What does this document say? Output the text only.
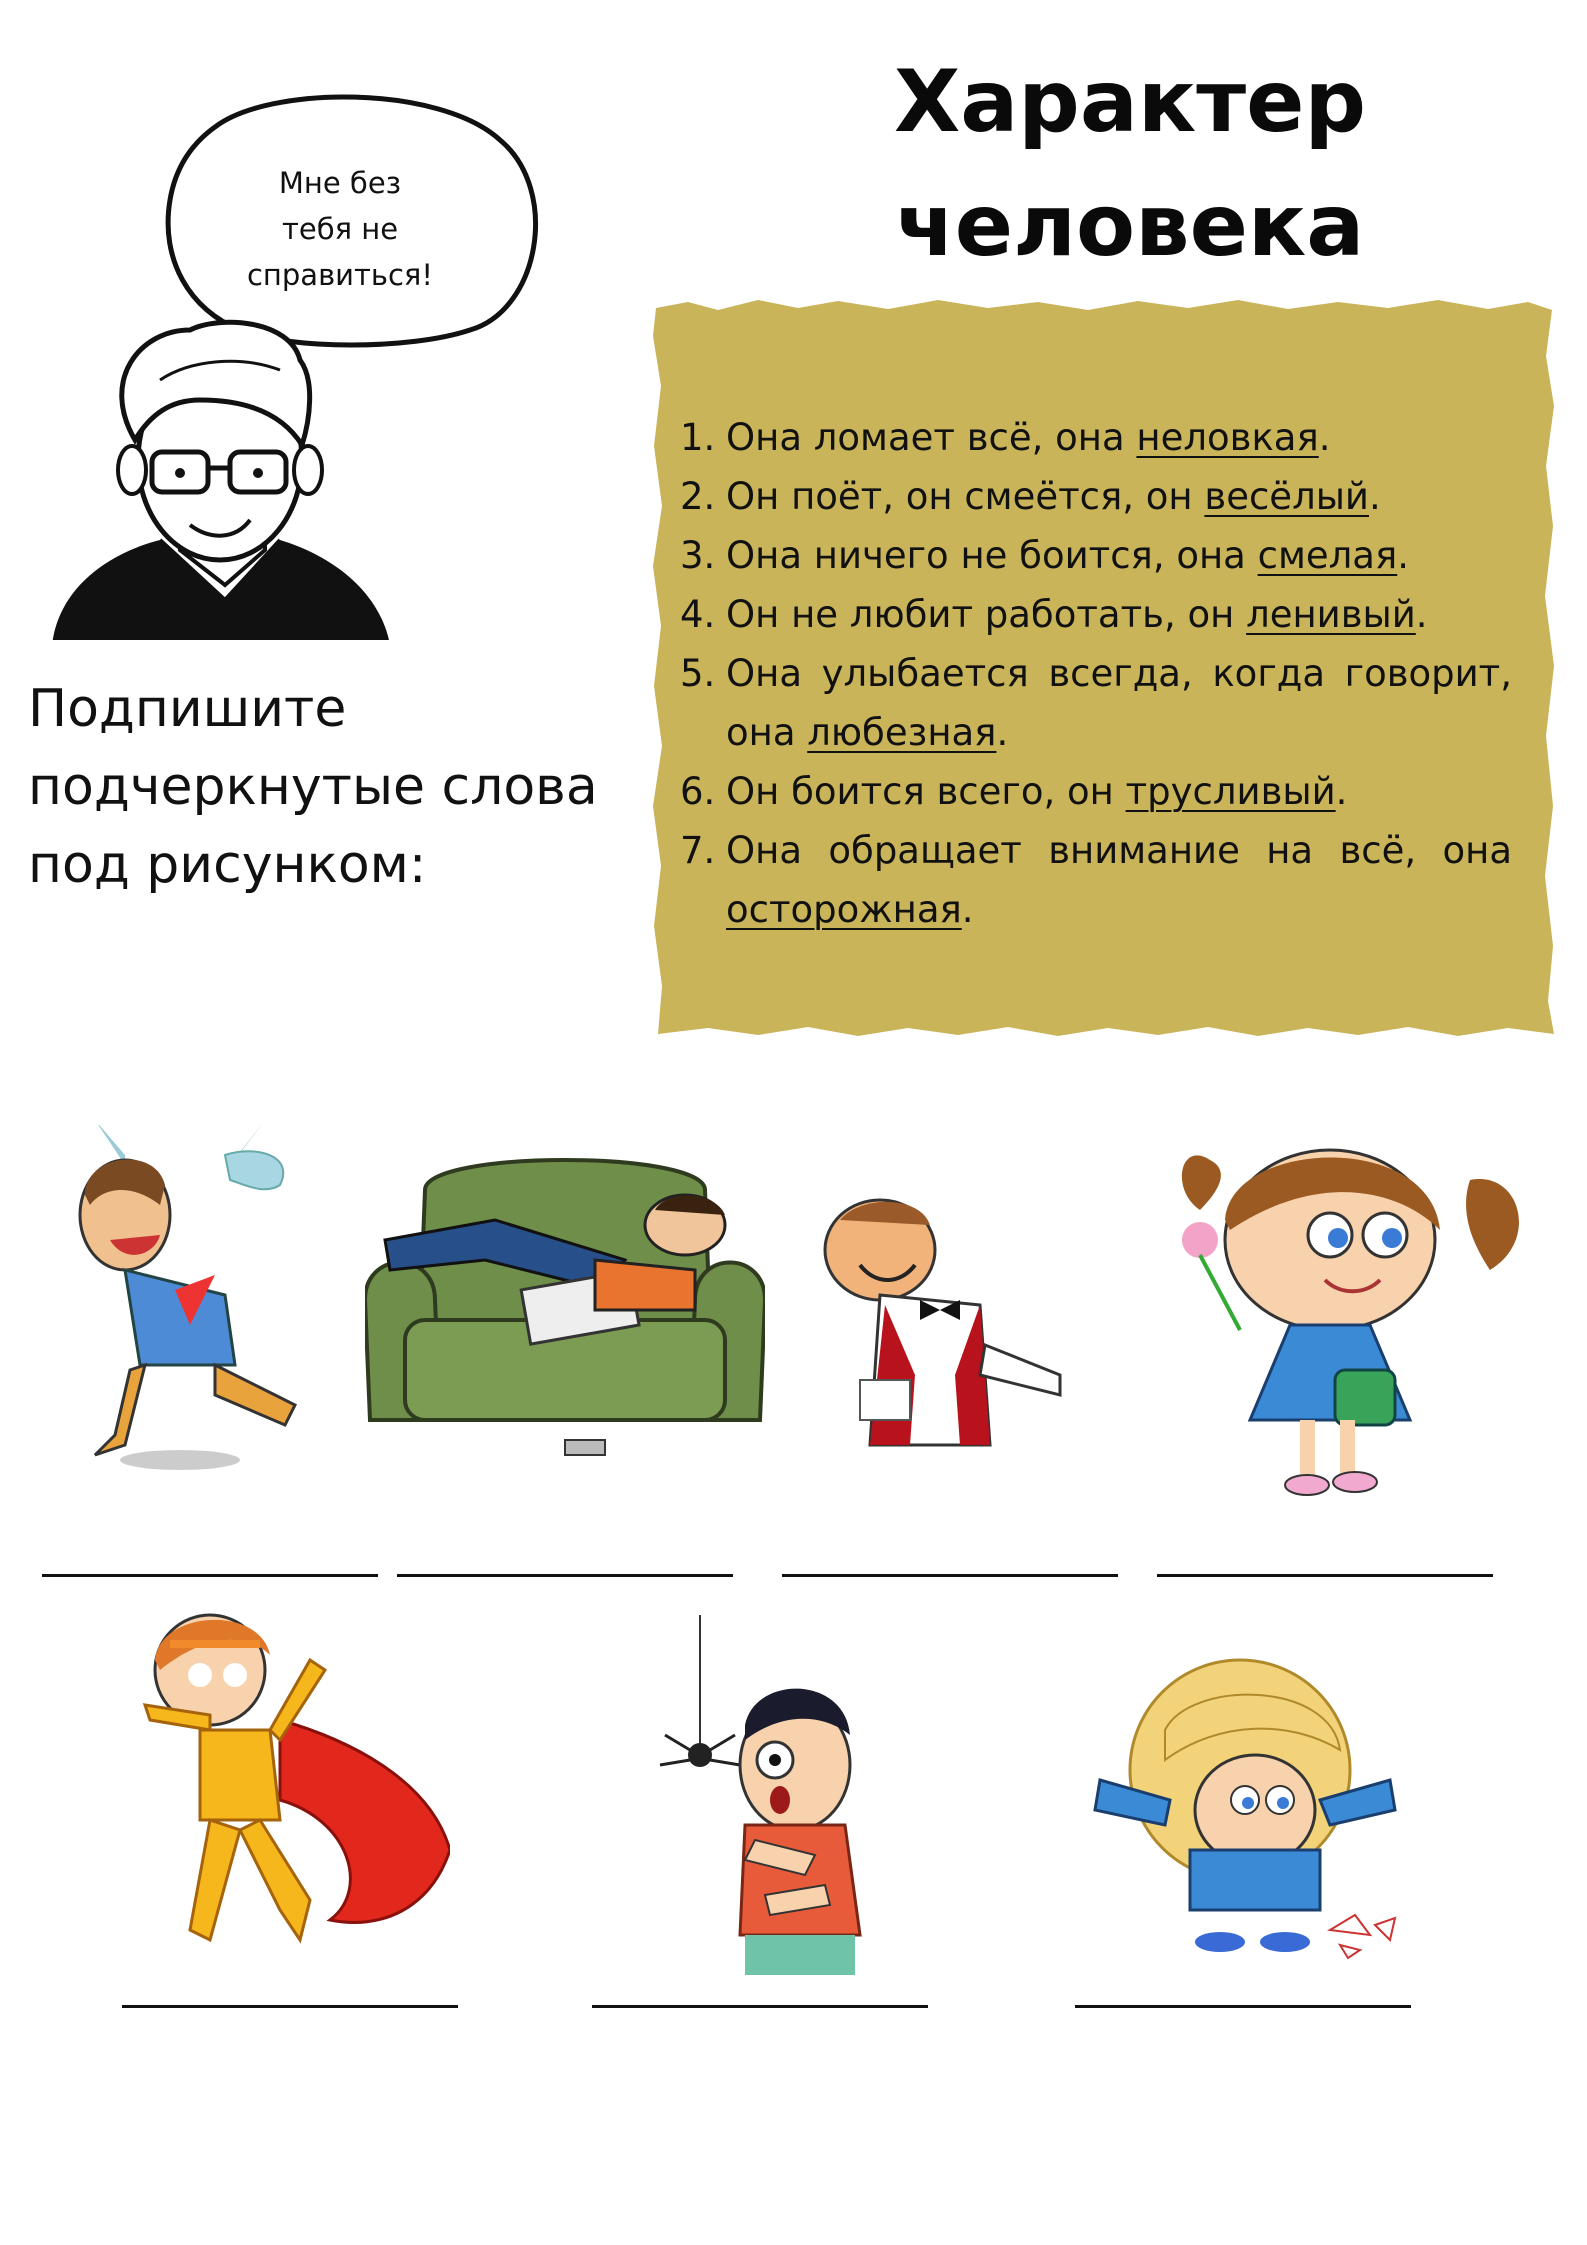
Характер
человека
Мне без
тебя не
справиться!
Подпишите
подчеркнутые слова
под рисунком:
1. Она ломает всё, она неловкая.
2. Он поёт, он смеётся, он весёлый.
3. Она ничего не боится, она смелая.
4. Он не любит работать, он ленивый.
5. Она улыбается всегда, когда говорит, она любезная.
6. Он боится всего, он трусливый.
7. Она обращает внимание на всё, она осторожная.
